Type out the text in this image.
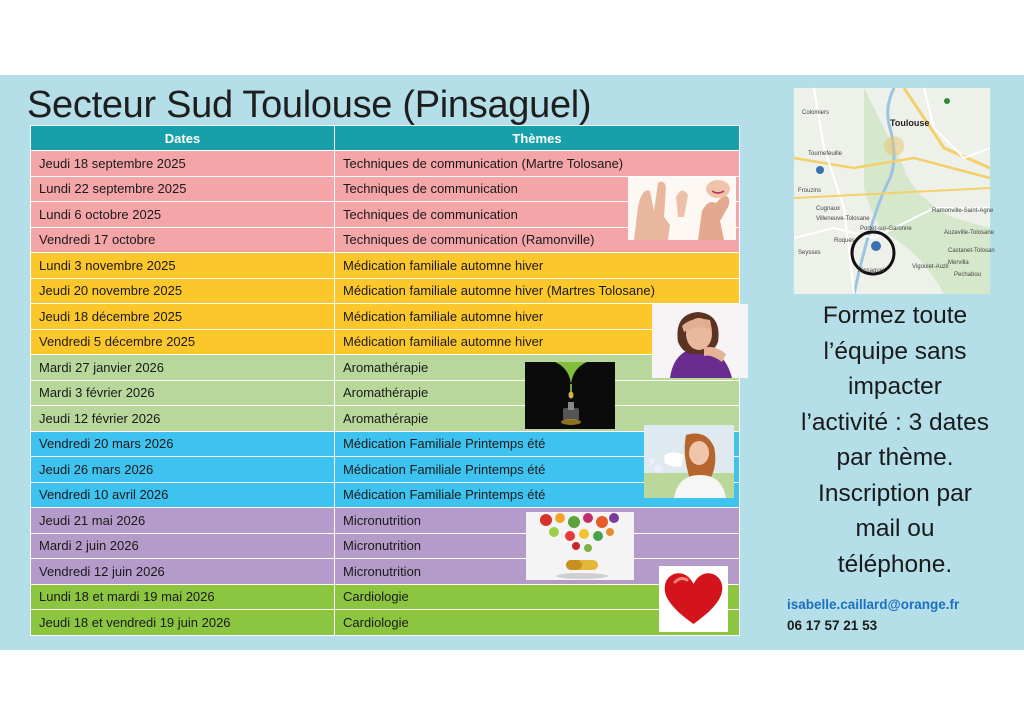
Secteur Sud Toulouse (Pinsaguel)
Dates	Thèmes
Jeudi 18 septembre 2025	Techniques de communication (Martre Tolosane)
Lundi 22 septembre 2025	Techniques de communication
Lundi 6 octobre 2025	Techniques de communication
Vendredi 17 octobre	Techniques de communication (Ramonville)
Lundi 3 novembre 2025	Médication familiale automne hiver
Jeudi 20 novembre 2025	Médication familiale automne hiver (Martres Tolosane)
Jeudi 18 décembre 2025	Médication familiale automne hiver
Vendredi 5 décembre 2025	Médication familiale automne hiver
Mardi 27 janvier 2026	Aromathérapie
Mardi 3 février 2026	Aromathérapie
Jeudi 12 février 2026	Aromathérapie
Vendredi 20 mars 2026	Médication Familiale Printemps été
Jeudi 26 mars 2026	Médication Familiale Printemps été
Vendredi 10 avril 2026	Médication Familiale Printemps été
Jeudi 21 mai 2026	Micronutrition
Mardi 2 juin 2026	Micronutrition
Vendredi 12 juin 2026	Micronutrition
Lundi 18 et mardi 19 mai 2026	Cardiologie
Jeudi 18 et vendredi 19 juin 2026	Cardiologie
Toulouse
Colomiers
Tournefeuille
Portet-sur-Garonne
Pinsaguel
Ramonville-Saint-Agne
Castanet-Tolosan
Auzeville-Tolosane
Vigoulet-Auzil
Cugnaux
Villeneuve-Tolosane
Frouzins
Roques
Mervilla
Pechabou
Seysses
Formez toute
l’équipe sans
impacter
l’activité : 3 dates
par thème.
Inscription par
mail ou
téléphone.
isabelle.caillard@orange.fr
06 17 57 21 53
